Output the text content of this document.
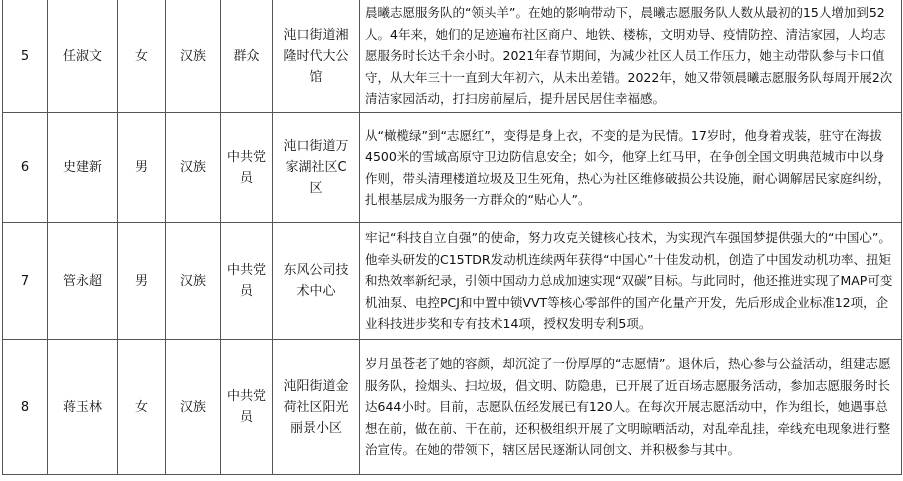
5	任淑文	女	汉族	群众	沌口街道湘隆时代大公馆	晨曦志愿服务队的“领头羊”。在她的影响带动下，晨曦志愿服务队人数从最初的15人增加到52人。4年来，她们的足迹遍布社区商户、地铁、楼栋，文明劝导、疫情防控、清洁家园，人均志愿服务时长达千余小时。2021年春节期间，为减少社区人员工作压力，她主动带队参与卡口值守，从大年三十一直到大年初六，从未出差错。2022年，她又带领晨曦志愿服务队每周开展2次清洁家园活动，打扫房前屋后，提升居民居住幸福感。
6	史建新	男	汉族	中共党员	沌口街道万家湖社区C区	从“橄榄绿”到“志愿红”，变得是身上衣，不变的是为民情。17岁时，他身着戎装，驻守在海拔4500米的雪域高原守卫边防信息安全；如今，他穿上红马甲，在争创全国文明典范城市中以身作则，带头清理楼道垃圾及卫生死角，热心为社区维修破损公共设施，耐心调解居民家庭纠纷，扎根基层成为服务一方群众的“贴心人”。
7	管永超	男	汉族	中共党员	东风公司技术中心	牢记“科技自立自强”的使命，努力攻克关键核心技术，为实现汽车强国梦提供强大的“中国心”。他牵头研发的C15TDR发动机连续两年获得“中国心”十佳发动机，创造了中国发动机功率、扭矩和热效率新纪录，引领中国动力总成加速实现“双碳”目标。与此同时，他还推进实现了MAP可变机油泵、电控PCJ和中置中锁VVT等核心零部件的国产化量产开发，先后形成企业标准12项，企业科技进步奖和专有技术14项，授权发明专利5项。
8	蒋玉林	女	汉族	中共党员	沌阳街道金荷社区阳光丽景小区	岁月虽苍老了她的容颜，却沉淀了一份厚厚的“志愿情”。退休后，热心参与公益活动，组建志愿服务队，捡烟头、扫垃圾，倡文明、防隐患，已开展了近百场志愿服务活动，参加志愿服务时长达644小时。目前，志愿队伍经发展已有120人。在每次开展志愿活动中，作为组长，她遇事总想在前，做在前、干在前，还积极组织开展了文明晾晒活动，对乱牵乱挂，牵线充电现象进行整治宣传。在她的带领下，辖区居民逐渐认同创文、并积极参与其中。
